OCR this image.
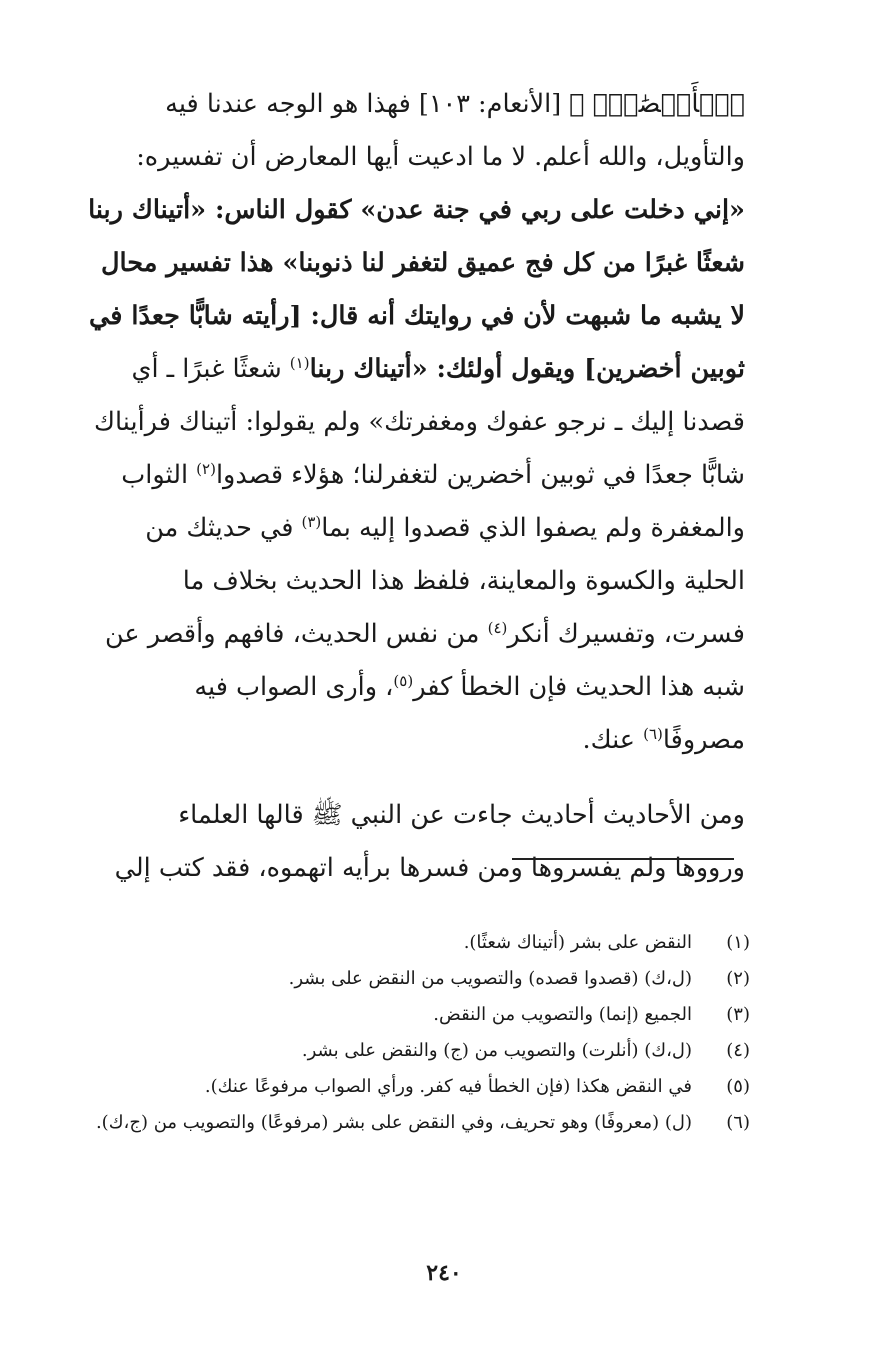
ٱلۡأَبۡصَٰرَۖ ﴾ [الأنعام: ١٠٣] فهذا هو الوجه عندنا فيه
والتأويل، والله أعلم. لا ما ادعيت أيها المعارض أن تفسيره:
«إني دخلت على ربي في جنة عدن» كقول الناس: «أتيناك ربنا
شعثًا غبرًا من كل فج عميق لتغفر لنا ذنوبنا» هذا تفسير محال
لا يشبه ما شبهت لأن في روايتك أنه قال: [رأيته شابًّا جعدًا في
ثوبين أخضرين] ويقول أولئك: «أتيناك ربنا$^{(١)}$ شعثًا غبرًا ـ أي
قصدنا إليك ـ نرجو عفوك ومغفرتك» ولم يقولوا: أتيناك فرأيناك
شابًّا جعدًا في ثوبين أخضرين لتغفرلنا؛ هؤلاء قصدوا$^{(٢)}$ الثواب
والمغفرة ولم يصفوا الذي قصدوا إليه بما$^{(٣)}$ في حديثك من
الحلية والكسوة والمعاينة، فلفظ هذا الحديث بخلاف ما
فسرت، وتفسيرك أنكر$^{(٤)}$ من نفس الحديث، فافهم وأقصر عن
شبه هذا الحديث فإن الخطأ كفر$^{(٥)}$، وأرى الصواب فيه
مصروفًا$^{(٦)}$ عنك.
ومن الأحاديث أحاديث جاءت عن النبي ﷺ قالها العلماء
ورووها ولم يفسروها ومن فسرها برأيه اتهموه، فقد كتب إلي
(١)
النقض على بشر (أتيناك شعثًا).
(٢)
(ل،ك) (قصدوا قصده) والتصويب من النقض على بشر.
(٣)
الجميع (إنما) والتصويب من النقض.
(٤)
(ل،ك) (أنلرت) والتصويب من (ج) والنقض على بشر.
(٥)
في النقض هكذا (فإن الخطأ فيه كفر. ورأي الصواب مرفوعًا عنك).
(٦)
(ل) (معروفًا) وهو تحريف، وفي النقض على بشر (مرفوعًا) والتصويب من (ج،ك).
٢٤٠
